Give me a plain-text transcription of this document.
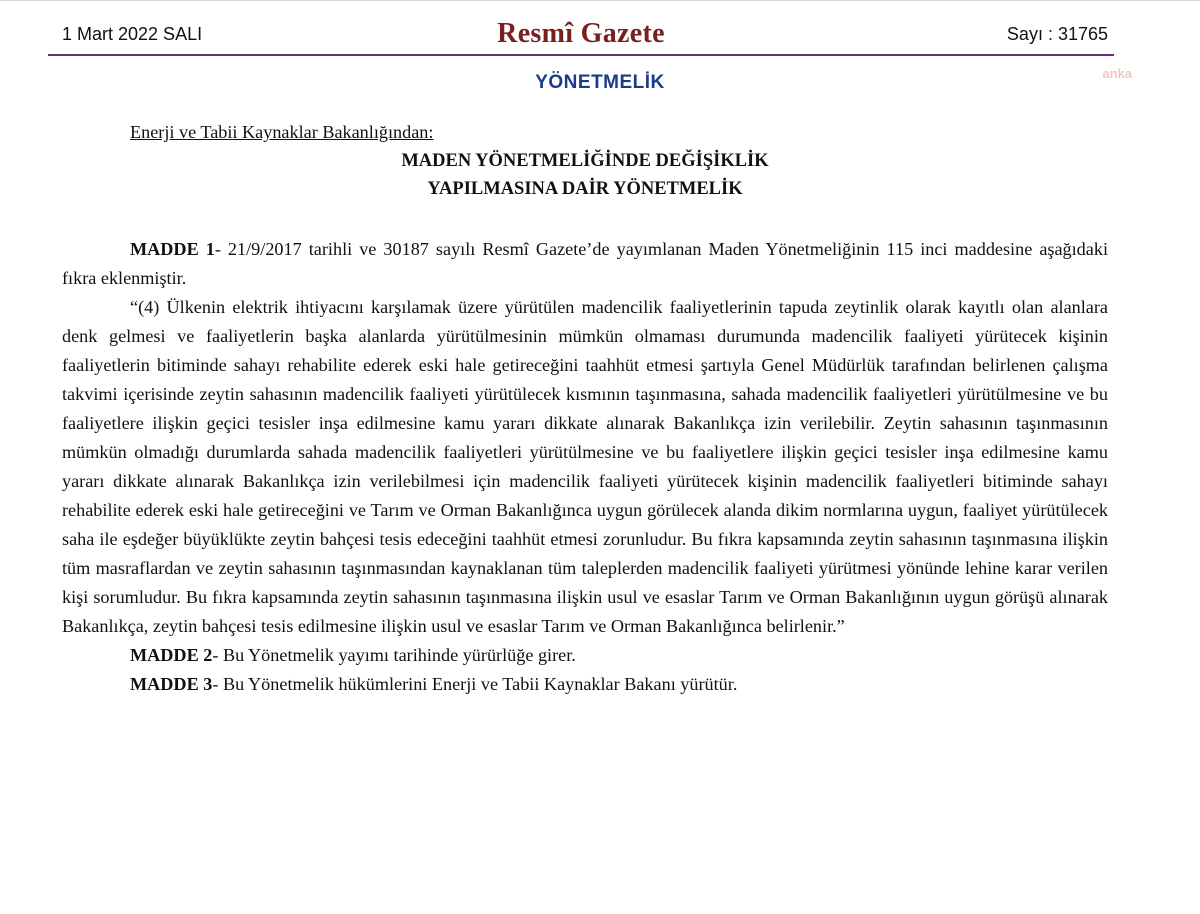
1 Mart 2022 SALI	Resmî Gazete	Sayı : 31765
YÖNETMELİK	anka
Enerji ve Tabii Kaynaklar Bakanlığından:
MADEN YÖNETMELİĞİNDE DEĞİŞİKLİK
YAPILMASINA DAİR YÖNETMELİK

MADDE 1- 21/9/2017 tarihli ve 30187 sayılı Resmî Gazete’de yayımlanan Maden Yönetmeliğinin 115 inci maddesine aşağıdaki fıkra eklenmiştir.

“(4) Ülkenin elektrik ihtiyacını karşılamak üzere yürütülen madencilik faaliyetlerinin tapuda zeytinlik olarak kayıtlı olan alanlara denk gelmesi ve faaliyetlerin başka alanlarda yürütülmesinin mümkün olmaması durumunda madencilik faaliyeti yürütecek kişinin faaliyetlerin bitiminde sahayı rehabilite ederek eski hale getireceğini taahhüt etmesi şartıyla Genel Müdürlük tarafından belirlenen çalışma takvimi içerisinde zeytin sahasının madencilik faaliyeti yürütülecek kısmının taşınmasına, sahada madencilik faaliyetleri yürütülmesine ve bu faaliyetlere ilişkin geçici tesisler inşa edilmesine kamu yararı dikkate alınarak Bakanlıkça izin verilebilir. Zeytin sahasının taşınmasının mümkün olmadığı durumlarda sahada madencilik faaliyetleri yürütülmesine ve bu faaliyetlere ilişkin geçici tesisler inşa edilmesine kamu yararı dikkate alınarak Bakanlıkça izin verilebilmesi için madencilik faaliyeti yürütecek kişinin madencilik faaliyetleri bitiminde sahayı rehabilite ederek eski hale getireceğini ve Tarım ve Orman Bakanlığınca uygun görülecek alanda dikim normlarına uygun, faaliyet yürütülecek saha ile eşdeğer büyüklükte zeytin bahçesi tesis edeceğini taahhüt etmesi zorunludur. Bu fıkra kapsamında zeytin sahasının taşınmasına ilişkin tüm masraflardan ve zeytin sahasının taşınmasından kaynaklanan tüm taleplerden madencilik faaliyeti yürütmesi yönünde lehine karar verilen kişi sorumludur. Bu fıkra kapsamında zeytin sahasının taşınmasına ilişkin usul ve esaslar Tarım ve Orman Bakanlığının uygun görüşü alınarak Bakanlıkça, zeytin bahçesi tesis edilmesine ilişkin usul ve esaslar Tarım ve Orman Bakanlığınca belirlenir.”

MADDE 2- Bu Yönetmelik yayımı tarihinde yürürlüğe girer.

MADDE 3- Bu Yönetmelik hükümlerini Enerji ve Tabii Kaynaklar Bakanı yürütür.
